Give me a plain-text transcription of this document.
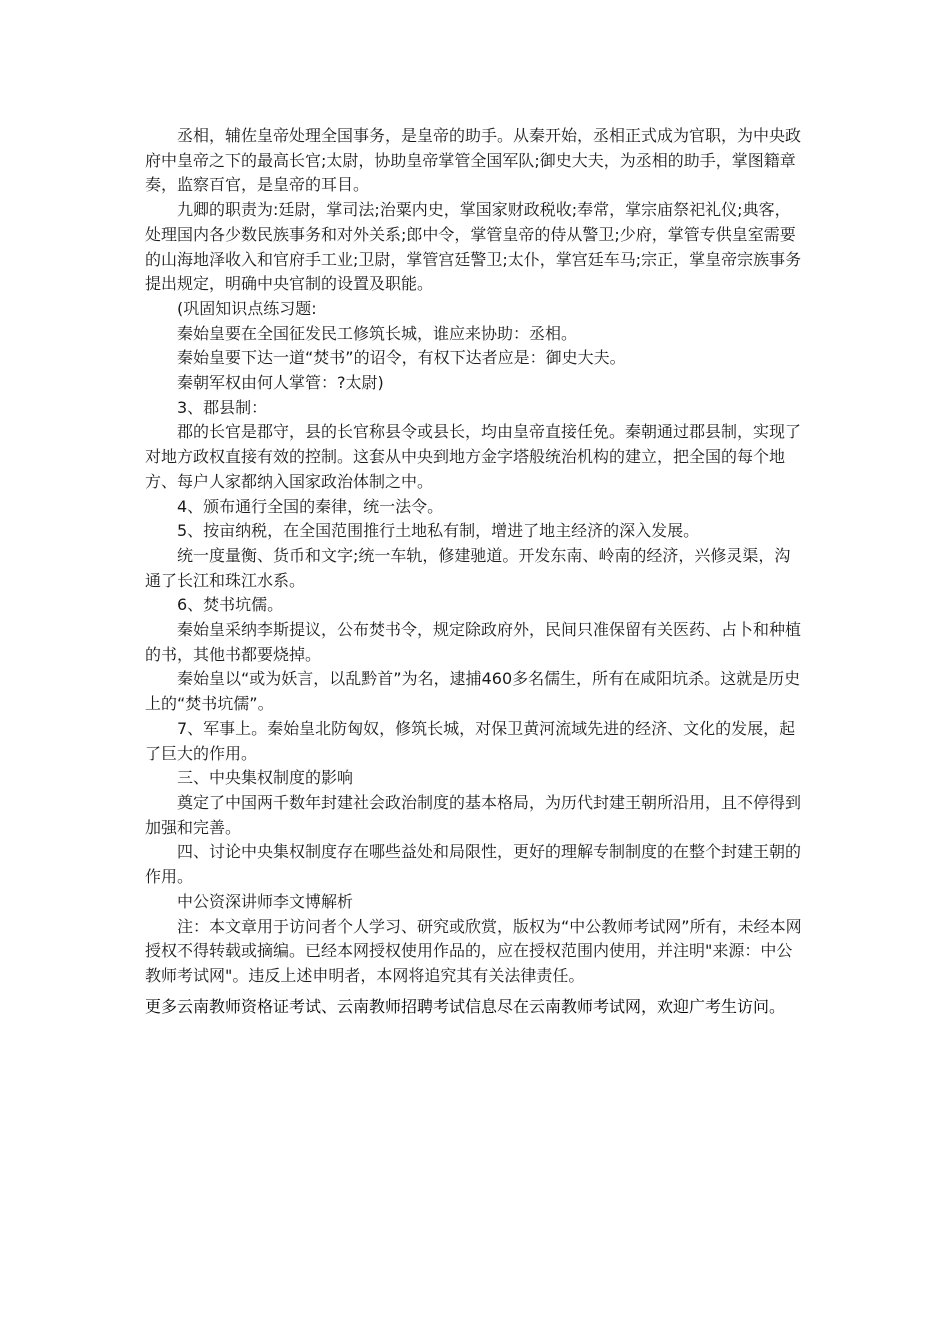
丞相，辅佐皇帝处理全国事务，是皇帝的助手。从秦开始，丞相正式成为官职，为中央政府中皇帝之下的最高长官;太尉，协助皇帝掌管全国军队;御史大夫，为丞相的助手，掌图籍章奏，监察百官，是皇帝的耳目。

九卿的职责为:廷尉，掌司法;治粟内史，掌国家财政税收;奉常，掌宗庙祭祀礼仪;典客，处理国内各少数民族事务和对外关系;郎中令，掌管皇帝的侍从警卫;少府，掌管专供皇室需要的山海地泽收入和官府手工业;卫尉，掌管宫廷警卫;太仆，掌宫廷车马;宗正，掌皇帝宗族事务提出规定，明确中央官制的设置及职能。

(巩固知识点练习题:

秦始皇要在全国征发民工修筑长城，谁应来协助：丞相。

秦始皇要下达一道“焚书”的诏令，有权下达者应是：御史大夫。

秦朝军权由何人掌管：?太尉)

3、郡县制：

郡的长官是郡守，县的长官称县令或县长，均由皇帝直接任免。秦朝通过郡县制，实现了对地方政权直接有效的控制。这套从中央到地方金字塔般统治机构的建立，把全国的每个地方、每户人家都纳入国家政治体制之中。

4、颁布通行全国的秦律，统一法令。

5、按亩纳税，在全国范围推行土地私有制，增进了地主经济的深入发展。

统一度量衡、货币和文字;统一车轨，修建驰道。开发东南、岭南的经济，兴修灵渠，沟通了长江和珠江水系。

6、焚书坑儒。

秦始皇采纳李斯提议，公布焚书令，规定除政府外，民间只准保留有关医药、占卜和种植的书，其他书都要烧掉。

秦始皇以“或为妖言，以乱黔首”为名，逮捕460多名儒生，所有在咸阳坑杀。这就是历史上的“焚书坑儒”。

7、军事上。秦始皇北防匈奴，修筑长城，对保卫黄河流域先进的经济、文化的发展，起了巨大的作用。

三、中央集权制度的影响

奠定了中国两千数年封建社会政治制度的基本格局，为历代封建王朝所沿用，且不停得到加强和完善。

四、讨论中央集权制度存在哪些益处和局限性，更好的理解专制制度的在整个封建王朝的作用。

中公资深讲师李文博解析

注：本文章用于访问者个人学习、研究或欣赏，版权为“中公教师考试网”所有，未经本网授权不得转载或摘编。已经本网授权使用作品的，应在授权范围内使用，并注明"来源：中公教师考试网"。违反上述申明者，本网将追究其有关法律责任。

更多云南教师资格证考试、云南教师招聘考试信息尽在云南教师考试网，欢迎广考生访问。
